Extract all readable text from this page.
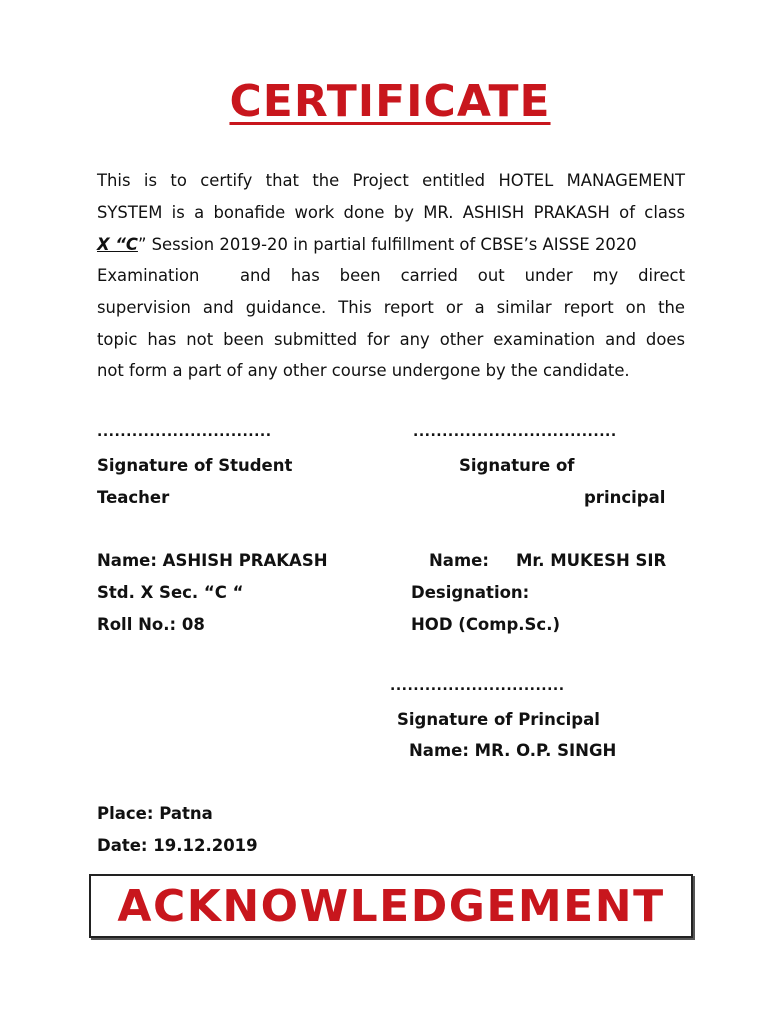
CERTIFICATE
This is to certify that the Project entitled HOTEL MANAGEMENT
SYSTEM is a bonafide work done by MR. ASHISH PRAKASH of class
X “C” Session 2019-20 in partial fulfillment of CBSE’s AISSE 2020
Examination and has been carried out under my direct
supervision and guidance. This report or a similar report on the
topic has not been submitted for any other examination and does
not form a part of any other course undergone by the candidate.
..............................	...................................
Signature of Student	Signature of
Teacher	principal
Name: ASHISH PRAKASH	Name: Mr. MUKESH SIR
Std. X Sec. “C “	Designation:
Roll No.: 08	HOD (Comp.Sc.)
..............................
Signature of Principal
Name: MR. O.P. SINGH
Place: Patna
Date: 19.12.2019
ACKNOWLEDGEMENT
